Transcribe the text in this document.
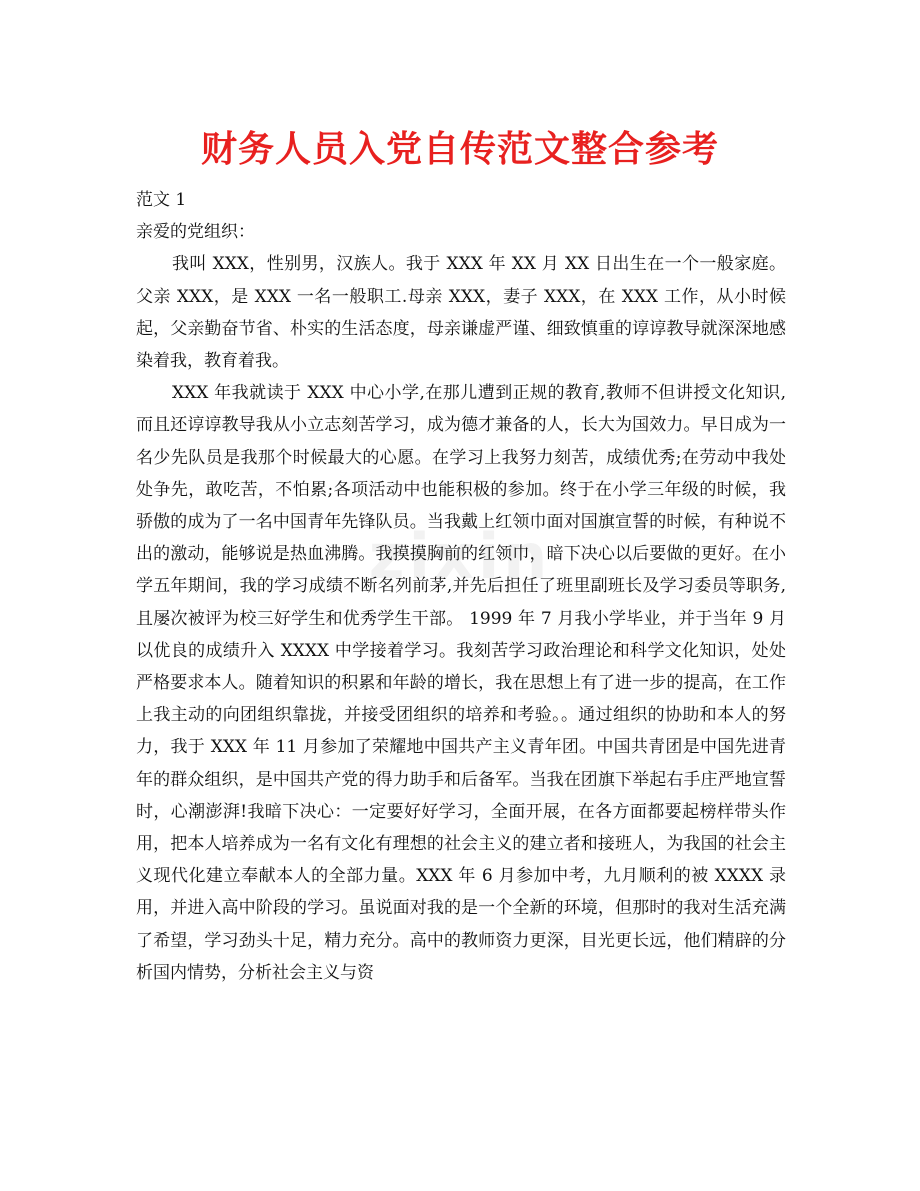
财务人员入党自传范文整合参考

范文 1

亲爱的党组织：

我叫 XXX，性别男，汉族人。我于 XXX 年 XX 月 XX 日出生在一个一般家庭。父亲 XXX，是 XXX 一名一般职工.母亲 XXX，妻子 XXX，在 XXX 工作，从小时候起，父亲勤奋节省、朴实的生活态度，母亲谦虚严谨、细致慎重的谆谆教导就深深地感染着我，教育着我。

XXX 年我就读于 XXX 中心小学,在那儿遭到正规的教育,教师不但讲授文化知识,而且还谆谆教导我从小立志刻苦学习，成为德才兼备的人，长大为国效力。早日成为一名少先队员是我那个时候最大的心愿。在学习上我努力刻苦，成绩优秀;在劳动中我处处争先，敢吃苦，不怕累;各项活动中也能积极的参加。终于在小学三年级的时候，我骄傲的成为了一名中国青年先锋队员。当我戴上红领巾面对国旗宣誓的时候，有种说不出的激动，能够说是热血沸腾。我摸摸胸前的红领巾，暗下决心以后要做的更好。在小学五年期间，我的学习成绩不断名列前茅,并先后担任了班里副班长及学习委员等职务,且屡次被评为校三好学生和优秀学生干部。 1999 年 7 月我小学毕业，并于当年 9 月以优良的成绩升入 XXXX 中学接着学习。我刻苦学习政治理论和科学文化知识，处处严格要求本人。随着知识的积累和年龄的增长，我在思想上有了进一步的提高，在工作上我主动的向团组织靠拢，并接受团组织的培养和考验。。通过组织的协助和本人的努力，我于 XXX 年 11 月参加了荣耀地中国共产主义青年团。中国共青团是中国先进青年的群众组织，是中国共产党的得力助手和后备军。当我在团旗下举起右手庄严地宣誓时，心潮澎湃!我暗下决心：一定要好好学习，全面开展，在各方面都要起榜样带头作用，把本人培养成为一名有文化有理想的社会主义的建立者和接班人，为我国的社会主义现代化建立奉献本人的全部力量。XXX 年 6 月参加中考，九月顺利的被 XXXX 录用，并进入高中阶段的学习。虽说面对我的是一个全新的环境，但那时的我对生活充满了希望，学习劲头十足，精力充分。高中的教师资力更深，目光更长远，他们精辟的分析国内情势，分析社会主义与资

zixin
